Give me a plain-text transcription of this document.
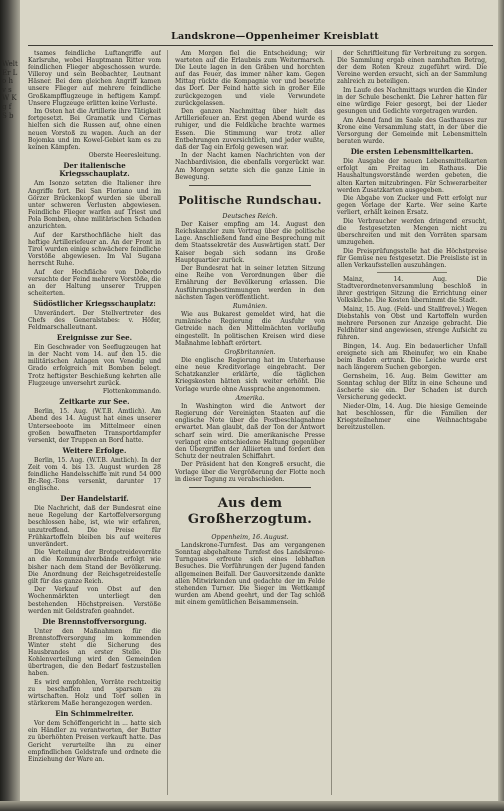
Welt Er Lo h v s W K g f S b
Landskrone—Oppenheimer Kreisblatt

tsames feindliche Luftangriffe auf Karlsruhe, wobei Hauptmann Ritter vom feindlichen Flieger abgeschossen wurde. Villeroy und sein Beobachter, Leutnant Häsner. Bei dem gleichen Angriff kamen unsere Flieger auf mehrere feindliche Großkampfflugzeuge in heftigem Kampf. Unsere Flugzeuge erlitten keine Verluste.

Im Osten hat die Artillerie ihre Tätigkeit fortgesetzt. Bei Gramatik und Cernas hielten sich die Russen auf, ohne einen neuen Vorstoß zu wagen. Auch an der Bojomka und im Kowel-Gebiet kam es zu keinen Kämpfen.

Oberste Heeresleitung.

Der italienische Kriegsschauplatz.

Am Isonzo setzten die Italiener ihre Angriffe fort. Bei San Floriano und im Görzer Brückenkopf wurden sie überall unter schweren Verlusten abgewiesen. Feindliche Flieger warfen auf Triest und Pola Bomben, ohne militärischen Schaden anzurichten.

Auf der Karsthochfläche hielt das heftige Artilleriefeuer an. An der Front in Tirol wurden einige schwächere feindliche Vorstöße abgewiesen. Im Val Sugana herrscht Ruhe.

Auf der Hochfläche von Doberdo versuchte der Feind mehrere Vorstöße, die an der Haltung unserer Truppen scheiterten.

Südöstlicher Kriegsschauplatz:

Unverändert. Der Stellvertreter des Chefs des Generalstabes: v. Höfer, Feldmarschalleutnant.

Ereignisse zur See.

Ein Geschwader von Seeflugzeugen hat in der Nacht vom 14. auf den 15. die militärischen Anlagen von Venedig und Grado erfolgreich mit Bomben belegt. Trotz heftigster Beschießung kehrten alle Flugzeuge unversehrt zurück.

Flottenkommando.

Zeitkarte zur See.

Berlin, 15. Aug. (W.T.B. Amtlich). Am Abend des 14. August hat eines unserer Unterseeboote im Mittelmeer einen großen bewaffneten Transportdampfer versenkt, der Truppen an Bord hatte.

Weitere Erfolge.

Berlin, 15. Aug. (W.T.B. Amtlich). In der Zeit vom 4. bis 13. August wurden 28 feindliche Handelsschiffe mit rund 54 000 Br.-Reg.-Tons versenkt, darunter 17 englische.

Der Handelstarif.

Die Nachricht, daß der Bundesrat eine neue Regelung der Kartoffelversorgung beschlossen habe, ist, wie wir erfahren, unzutreffend. Die Preise für Frühkartoffeln bleiben bis auf weiteres unverändert.

Die Verteilung der Brotgetreidevorräte an die Kommunalverbände erfolgt wie bisher nach dem Stand der Bevölkerung. Die Anordnung der Reichsgetreidestelle gilt für das ganze Reich.

Der Verkauf von Obst auf den Wochenmärkten unterliegt den bestehenden Höchstpreisen. Verstöße werden mit Geldstrafen geahndet.

Die Brennstoffversorgung.

Unter den Maßnahmen für die Brennstoffversorgung im kommenden Winter steht die Sicherung des Hausbrandes an erster Stelle. Die Kohlenverteilung wird den Gemeinden übertragen, die den Bedarf festzustellen haben.

Es wird empfohlen, Vorräte rechtzeitig zu beschaffen und sparsam zu wirtschaften. Holz und Torf sollen in stärkerem Maße herangezogen werden.

Ein Schimmelreiter.

Vor dem Schöffengericht in ... hatte sich ein Händler zu verantworten, der Butter zu überhöhten Preisen verkauft hatte. Das Gericht verurteilte ihn zu einer empfindlichen Geldstrafe und ordnete die Einziehung der Ware an.

Am Morgen fiel die Entscheidung; wir warteten auf die Erlaubnis zum Weitermarsch. Die Leute lagen in den Gräben und horchten auf das Feuer, das immer näher kam. Gegen Mittag rückte die Kompagnie vor und besetzte das Dorf. Der Feind hatte sich in großer Eile zurückgezogen und viele Verwundete zurückgelassen.

Den ganzen Nachmittag über hielt das Artilleriefeuer an. Erst gegen Abend wurde es ruhiger, und die Feldküche brachte warmes Essen. Die Stimmung war trotz aller Entbehrungen zuversichtlich, und jeder wußte, daß der Tag ein Erfolg gewesen war.

In der Nacht kamen Nachrichten von der Nachbardivision, die ebenfalls vorgerückt war. Am Morgen setzte sich die ganze Linie in Bewegung.

Politische Rundschau.
Deutsches Reich.

Der Kaiser empfing am 14. August den Reichskanzler zum Vortrag über die politische Lage. Anschließend fand eine Besprechung mit dem Staatssekretär des Auswärtigen statt. Der Kaiser begab sich sodann ins Große Hauptquartier zurück.

Der Bundesrat hat in seiner letzten Sitzung eine Reihe von Verordnungen über die Ernährung der Bevölkerung erlassen. Die Ausführungsbestimmungen werden in den nächsten Tagen veröffentlicht.

Rumänien.

Wie aus Bukarest gemeldet wird, hat die rumänische Regierung die Ausfuhr von Getreide nach den Mittelmächten vorläufig eingestellt. In politischen Kreisen wird diese Maßnahme lebhaft erörtert.

Großbritannien.

Die englische Regierung hat im Unterhause eine neue Kreditvorlage eingebracht. Der Schatzkanzler erklärte, die täglichen Kriegskosten hätten sich weiter erhöht. Die Vorlage wurde ohne Aussprache angenommen.

Amerika.

In Washington wird die Antwort der Regierung der Vereinigten Staaten auf die englische Note über die Postbeschlagnahme erwartet. Man glaubt, daß der Ton der Antwort scharf sein wird. Die amerikanische Presse verlangt eine entschiedene Haltung gegenüber den Übergriffen der Alliierten und fordert den Schutz der neutralen Schiffahrt.

Der Präsident hat den Kongreß ersucht, die Vorlage über die Vergrößerung der Flotte noch in dieser Tagung zu verabschieden.

Aus dem Großherzogtum.
Oppenheim, 16. August.

Landskrone-Turnfest. Das am vergangenen Sonntag abgehaltene Turnfest des Landskrone-Turngaues erfreute sich eines lebhaften Besuches. Die Vorführungen der Jugend fanden allgemeinen Beifall. Der Gauvorsitzende dankte allen Mitwirkenden und gedachte der im Felde stehenden Turner. Die Sieger im Wettkampf wurden am Abend geehrt, und der Tag schloß mit einem gemütlichen Beisammensein.

der Schriftleitung für Verbreitung zu sorgen. Die Sammlung ergab einen namhaften Betrag, der dem Roten Kreuz zugeführt wird. Die Vereine werden ersucht, sich an der Sammlung zahlreich zu beteiligen.

Im Laufe des Nachmittags wurden die Kinder in der Schule beschenkt. Die Lehrer hatten für eine würdige Feier gesorgt, bei der Lieder gesungen und Gedichte vorgetragen wurden.

Am Abend fand im Saale des Gasthauses zur Krone eine Versammlung statt, in der über die Versorgung der Gemeinde mit Lebensmitteln beraten wurde.

Die ersten Lebensmittelkarten.

Die Ausgabe der neuen Lebensmittelkarten erfolgt am Freitag im Rathaus. Die Haushaltungsvorstände werden gebeten, die alten Karten mitzubringen. Für Schwerarbeiter werden Zusatzkarten ausgegeben.

Die Abgabe von Zucker und Fett erfolgt nur gegen Vorlage der Karte. Wer seine Karte verliert, erhält keinen Ersatz.

Die Verbraucher werden dringend ersucht, die festgesetzten Mengen nicht zu überschreiten und mit den Vorräten sparsam umzugehen.

Die Preisprüfungsstelle hat die Höchstpreise für Gemüse neu festgesetzt. Die Preisliste ist in allen Verkaufsstellen auszuhängen.

Mainz, 14. Aug. Die Stadtverordnetenversammlung beschloß in ihrer gestrigen Sitzung die Errichtung einer Volksküche. Die Kosten übernimmt die Stadt.

Mainz, 15. Aug. (Feld- und Stallfrevel.) Wegen Diebstahls von Obst und Kartoffeln wurden mehrere Personen zur Anzeige gebracht. Die Feldhüter sind angewiesen, strenge Aufsicht zu führen.

Bingen, 14. Aug. Ein bedauerlicher Unfall ereignete sich am Rheinufer, wo ein Knabe beim Baden ertrank. Die Leiche wurde erst nach längerem Suchen geborgen.

Gernsheim, 16. Aug. Beim Gewitter am Sonntag schlug der Blitz in eine Scheune und äscherte sie ein. Der Schaden ist durch Versicherung gedeckt.

Nieder-Olm, 14. Aug. Die hiesige Gemeinde hat beschlossen, für die Familien der Kriegsteilnehmer eine Weihnachtsgabe bereitzustellen.
